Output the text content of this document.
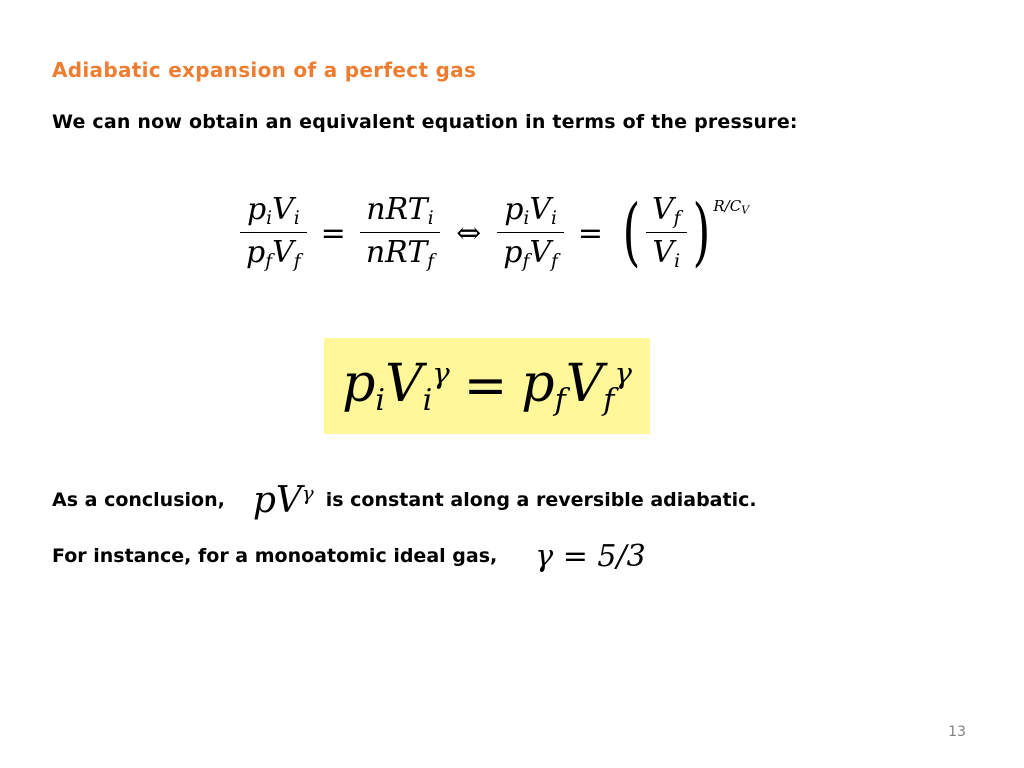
Adiabatic expansion of a perfect gas
We can now obtain an equivalent equation in terms of the pressure:
$\frac{p_iV_i}{p_fV_f} = \frac{nRT_i}{nRT_f}$ ⇔ $\frac{p_iV_i}{p_fV_f}$ = ( $\frac{V_f}{V_i}$ ) $R/C_V$
$p_iV_i^\gamma = p_fV_f^\gamma$
As a conclusion, $pV^\gamma$ is constant along a reversible adiabatic.
For instance, for a monoatomic ideal gas,	γ = 5/3
13
